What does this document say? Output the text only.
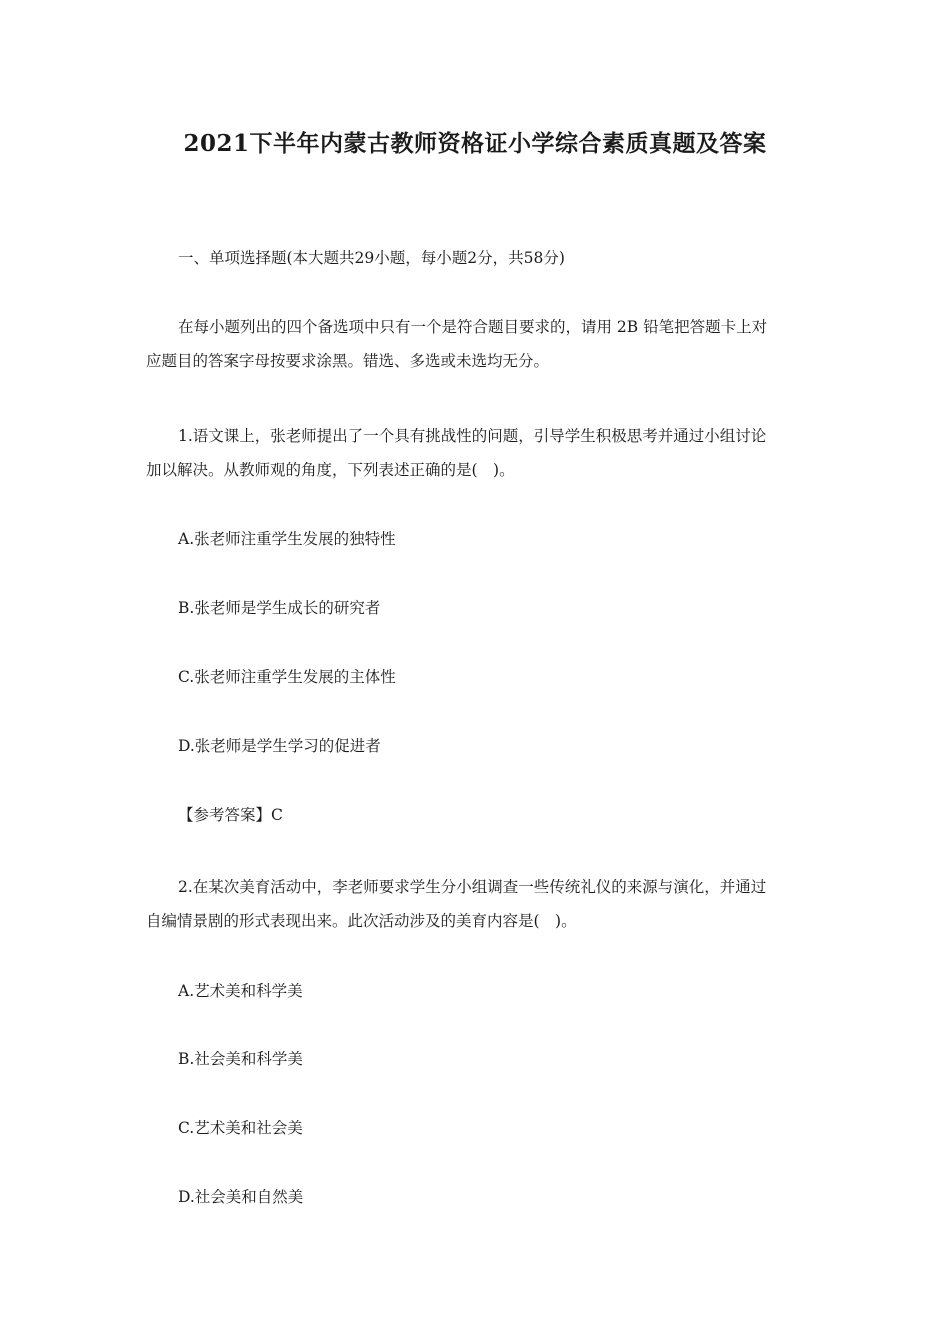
2021下半年内蒙古教师资格证小学综合素质真题及答案
一、单项选择题(本大题共29小题，每小题2分，共58分)
在每小题列出的四个备选项中只有一个是符合题目要求的，请用 2B 铅笔把答题卡上对
应题目的答案字母按要求涂黑。错选、多选或未选均无分。
1.语文课上，张老师提出了一个具有挑战性的问题，引导学生积极思考并通过小组讨论
加以解决。从教师观的角度，下列表述正确的是(　)。
A.张老师注重学生发展的独特性
B.张老师是学生成长的研究者
C.张老师注重学生发展的主体性
D.张老师是学生学习的促进者
【参考答案】C
2.在某次美育活动中，李老师要求学生分小组调查一些传统礼仪的来源与演化，并通过
自编情景剧的形式表现出来。此次活动涉及的美育内容是(　)。
A.艺术美和科学美
B.社会美和科学美
C.艺术美和社会美
D.社会美和自然美
